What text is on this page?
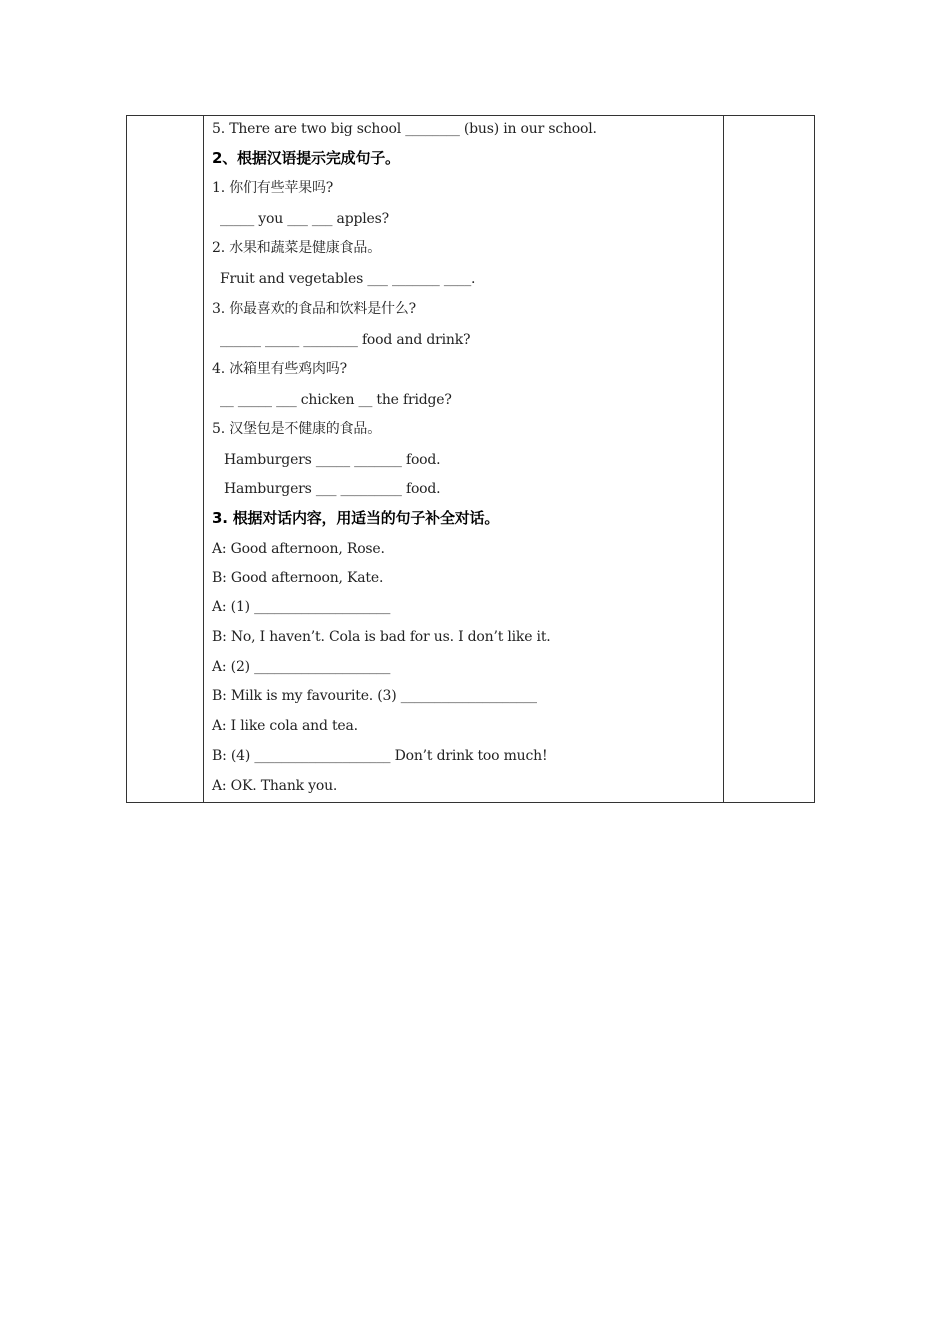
5. There are two big school ________ (bus) in our school.
2、根据汉语提示完成句子。
1. 你们有些苹果吗?
_____ you ___ ___ apples?
2. 水果和蔬菜是健康食品。
Fruit and vegetables ___ _______ ____.
3. 你最喜欢的食品和饮料是什么?
______ _____ ________ food and drink?
4. 冰箱里有些鸡肉吗?
__ _____ ___ chicken __ the fridge?
5. 汉堡包是不健康的食品。
Hamburgers _____ _______ food.
Hamburgers ___ _________ food.
3. 根据对话内容，用适当的句子补全对话。
A: Good afternoon, Rose.
B: Good afternoon, Kate.
A: (1) ____________________
B: No, I haven’t. Cola is bad for us. I don’t like it.
A: (2) ____________________
B: Milk is my favourite. (3) ____________________
A: I like cola and tea.
B: (4) ____________________ Don’t drink too much!
A: OK. Thank you.
